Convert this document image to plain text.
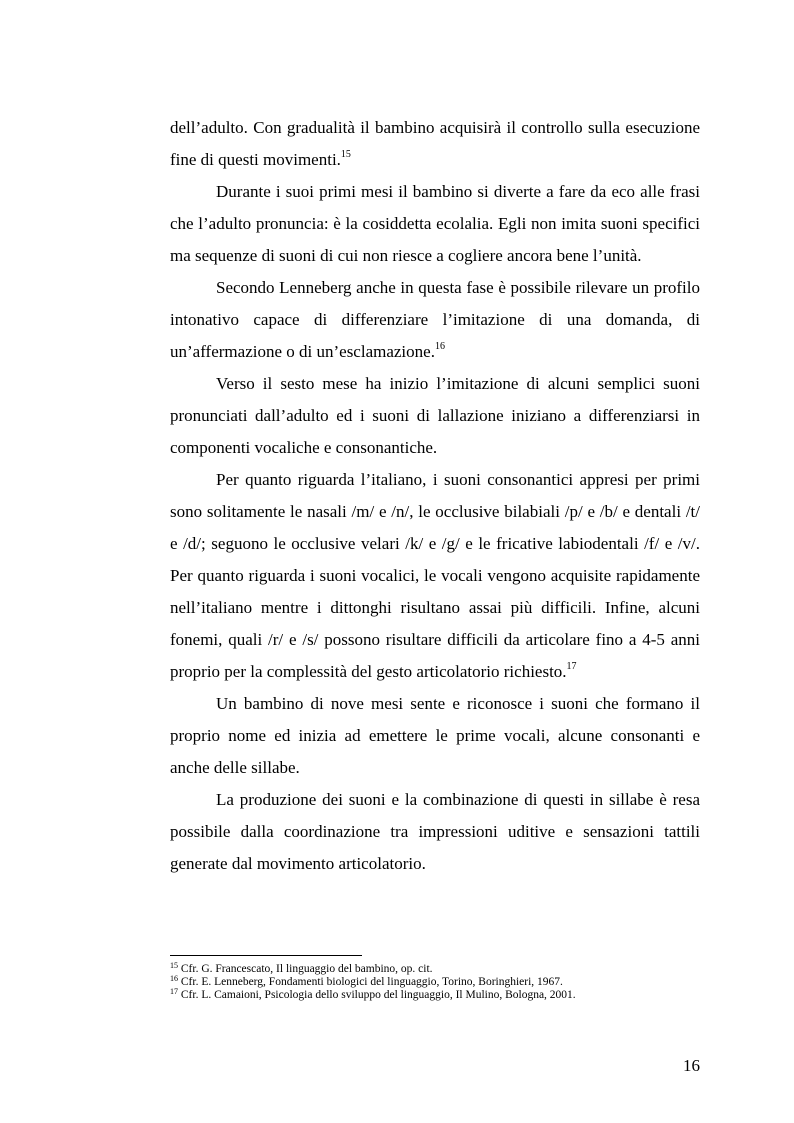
dell’adulto. Con gradualità il bambino acquisirà il controllo sulla esecuzione fine di questi movimenti.$^{15}$

Durante i suoi primi mesi il bambino si diverte a fare da eco alle frasi che l’adulto pronuncia: è la cosiddetta ecolalia. Egli non imita suoni specifici ma sequenze di suoni di cui non riesce a cogliere ancora bene l’unità.

Secondo Lenneberg anche in questa fase è possibile rilevare un profilo intonativo capace di differenziare l’imitazione di una domanda, di un’affermazione o di un’esclamazione.$^{16}$

Verso il sesto mese ha inizio l’imitazione di alcuni semplici suoni pronunciati dall’adulto ed i suoni di lallazione iniziano a differenziarsi in componenti vocaliche e consonantiche.

Per quanto riguarda l’italiano, i suoni consonantici appresi per primi sono solitamente le nasali /m/ e /n/, le occlusive bilabiali /p/ e /b/ e dentali /t/ e /d/; seguono le occlusive velari /k/ e /g/ e le fricative labiodentali /f/ e /v/. Per quanto riguarda i suoni vocalici, le vocali vengono acquisite rapidamente nell’italiano mentre i dittonghi risultano assai più difficili. Infine, alcuni fonemi, quali /r/ e /s/ possono risultare difficili da articolare fino a 4-5 anni proprio per la complessità del gesto articolatorio richiesto.$^{17}$

Un bambino di nove mesi sente e riconosce i suoni che formano il proprio nome ed inizia ad emettere le prime vocali, alcune consonanti e anche delle sillabe.

La produzione dei suoni e la combinazione di questi in sillabe è resa possibile dalla coordinazione tra impressioni uditive e sensazioni tattili generate dal movimento articolatorio.

$^{15}$ Cfr. G. Francescato, Il linguaggio del bambino, op. cit.

$^{16}$ Cfr. E. Lenneberg, Fondamenti biologici del linguaggio, Torino, Boringhieri, 1967.

$^{17}$ Cfr. L. Camaioni, Psicologia dello sviluppo del linguaggio, Il Mulino, Bologna, 2001.

16
